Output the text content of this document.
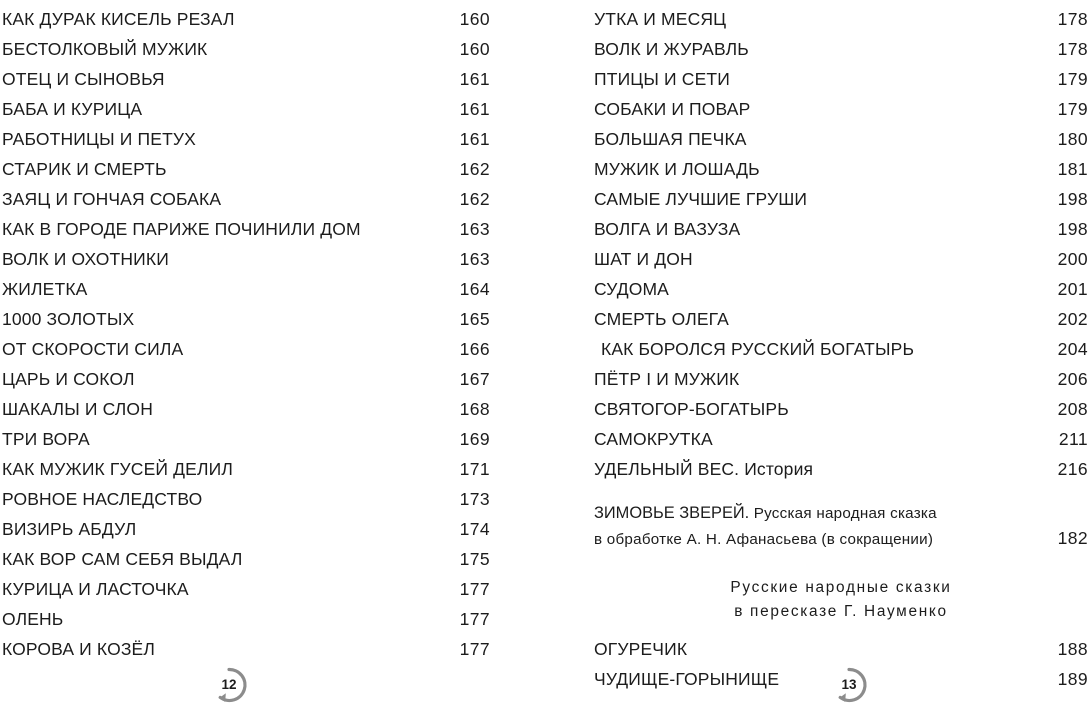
КАК ДУРАК КИСЕЛЬ РЕЗАЛ .....	160
БЕСТОЛКОВЫЙ МУЖИК .....	160
ОТЕЦ И СЫНОВЬЯ .....	161
БАБА И КУРИЦА .....	161
РАБОТНИЦЫ И ПЕТУХ .....	161
СТАРИК И СМЕРТЬ .....	162
ЗАЯЦ И ГОНЧАЯ СОБАКА .....	162
КАК В ГОРОДЕ ПАРИЖЕ ПОЧИНИЛИ ДОМ .....	163
ВОЛК И ОХОТНИКИ .....	163
ЖИЛЕТКА .....	164
1000 ЗОЛОТЫХ .....	165
ОТ СКОРОСТИ СИЛА .....	166
ЦАРЬ И СОКОЛ .....	167
ШАКАЛЫ И СЛОН .....	168
ТРИ ВОРА .....	169
КАК МУЖИК ГУСЕЙ ДЕЛИЛ .....	171
РОВНОЕ НАСЛЕДСТВО .....	173
ВИЗИРЬ АБДУЛ .....	174
КАК ВОР САМ СЕБЯ ВЫДАЛ .....	175
КУРИЦА И ЛАСТОЧКА .....	177
ОЛЕНЬ .....	177
КОРОВА И КОЗЁЛ .....	177
УТКА И МЕСЯЦ .....	178
ВОЛК И ЖУРАВЛЬ .....	178
ПТИЦЫ И СЕТИ .....	179
СОБАКИ И ПОВАР .....	179
БОЛЬШАЯ ПЕЧКА .....	180
МУЖИК И ЛОШАДЬ .....	181
САМЫЕ ЛУЧШИЕ ГРУШИ .....	198
ВОЛГА И ВАЗУЗА .....	198
ШАТ И ДОН .....	200
СУДОМА .....	201
СМЕРТЬ ОЛЕГА .....	202
КАК БОРОЛСЯ РУССКИЙ БОГАТЫРЬ .....	204
ПЁТР I И МУЖИК .....	206
СВЯТОГОР-БОГАТЫРЬ .....	208
САМОКРУТКА .....	211
УДЕЛЬНЫЙ ВЕС. История .....	216
ЗИМОВЬЕ ЗВЕРЕЙ. Русская народная сказка
в обработке А. Н. Афанасьева (в сокращении) .....	182
Русские народные сказки
в пересказе Г. Науменко
ОГУРЕЧИК .....	188
ЧУДИЩЕ-ГОРЫНИЩЕ .....	189
12	13
